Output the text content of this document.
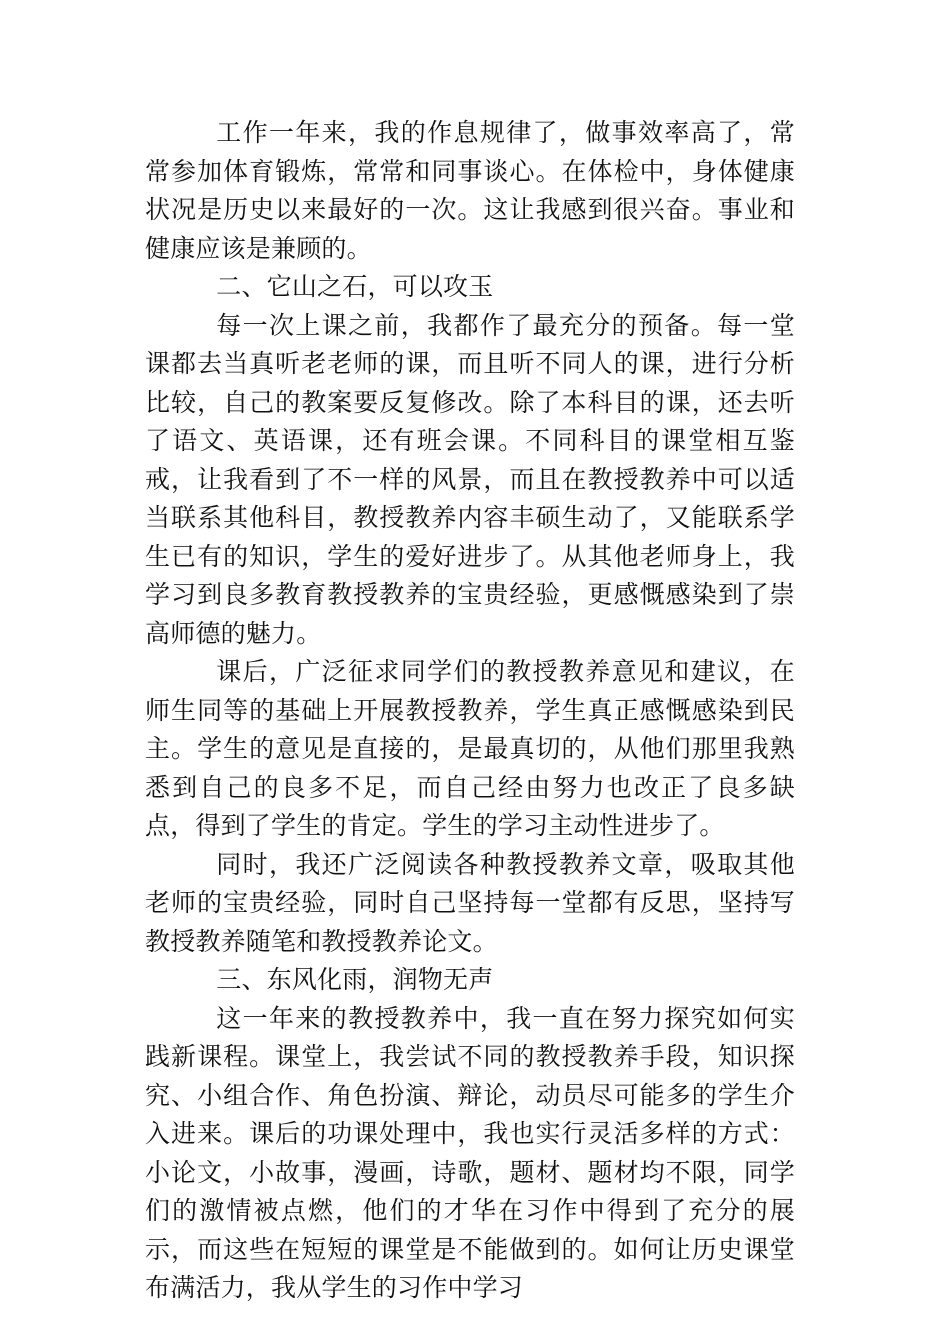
工作一年来，我的作息规律了，做事效率高了，常常参加体育锻炼，常常和同事谈心。在体检中，身体健康状况是历史以来最好的一次。这让我感到很兴奋。事业和健康应该是兼顾的。

二、它山之石，可以攻玉

每一次上课之前，我都作了最充分的预备。每一堂课都去当真听老老师的课，而且听不同人的课，进行分析比较，自己的教案要反复修改。除了本科目的课，还去听了语文、英语课，还有班会课。不同科目的课堂相互鉴戒，让我看到了不一样的风景，而且在教授教养中可以适当联系其他科目，教授教养内容丰硕生动了，又能联系学生已有的知识，学生的爱好进步了。从其他老师身上，我学习到良多教育教授教养的宝贵经验，更感慨感染到了崇高师德的魅力。

课后，广泛征求同学们的教授教养意见和建议，在师生同等的基础上开展教授教养，学生真正感慨感染到民主。学生的意见是直接的，是最真切的，从他们那里我熟悉到自己的良多不足，而自己经由努力也改正了良多缺点，得到了学生的肯定。学生的学习主动性进步了。

同时，我还广泛阅读各种教授教养文章，吸取其他老师的宝贵经验，同时自己坚持每一堂都有反思，坚持写教授教养随笔和教授教养论文。

三、东风化雨，润物无声

这一年来的教授教养中，我一直在努力探究如何实践新课程。课堂上，我尝试不同的教授教养手段，知识探究、小组合作、角色扮演、辩论，动员尽可能多的学生介入进来。课后的功课处理中，我也实行灵活多样的方式：小论文，小故事，漫画，诗歌，题材、题材均不限，同学们的激情被点燃，他们的才华在习作中得到了充分的展示，而这些在短短的课堂是不能做到的。如何让历史课堂布满活力，我从学生的习作中学习
